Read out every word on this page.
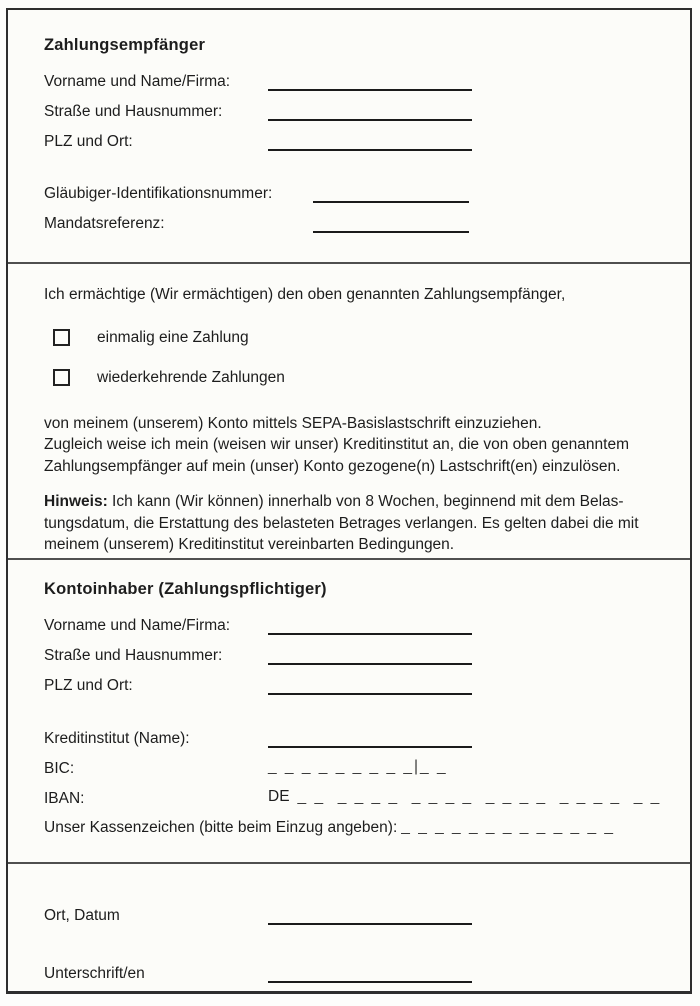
Zahlungsempfänger
Vorname und Name/Firma:
Straße und Hausnummer:
PLZ und Ort:
Gläubiger-Identifikationsnummer:
Mandatsreferenz:

Ich ermächtige (Wir ermächtigen) den oben genannten Zahlungsempfänger,

einmalig eine Zahlung
wiederkehrende Zahlungen
von meinem (unserem) Konto mittels SEPA-Basislastschrift einzuziehen.
Zugleich weise ich mein (weisen wir unser) Kreditinstitut an, die von oben genanntem
Zahlungsempfänger auf mein (unser) Konto gezogene(n) Lastschrift(en) einzulösen.
Hinweis: Ich kann (Wir können) innerhalb von 8 Wochen, beginnend mit dem Belas-
tungsdatum, die Erstattung des belasteten Betrages verlangen. Es gelten dabei die mit
meinem (unserem) Kreditinstitut vereinbarten Bedingungen.
Kontoinhaber (Zahlungspflichtiger)
Vorname und Name/Firma:
Straße und Hausnummer:
PLZ und Ort:
Kreditinstitut (Name):
BIC:	_ _ _ _ _ _ _ _ _|_ _
IBAN:	DE _ _  _ _ _ _  _ _ _ _  _ _ _ _  _ _ _ _  _ _
Unser Kassenzeichen (bitte beim Einzug angeben): _ _ _ _ _ _ _ _ _ _ _ _ _
Ort, Datum
Unterschrift/en
